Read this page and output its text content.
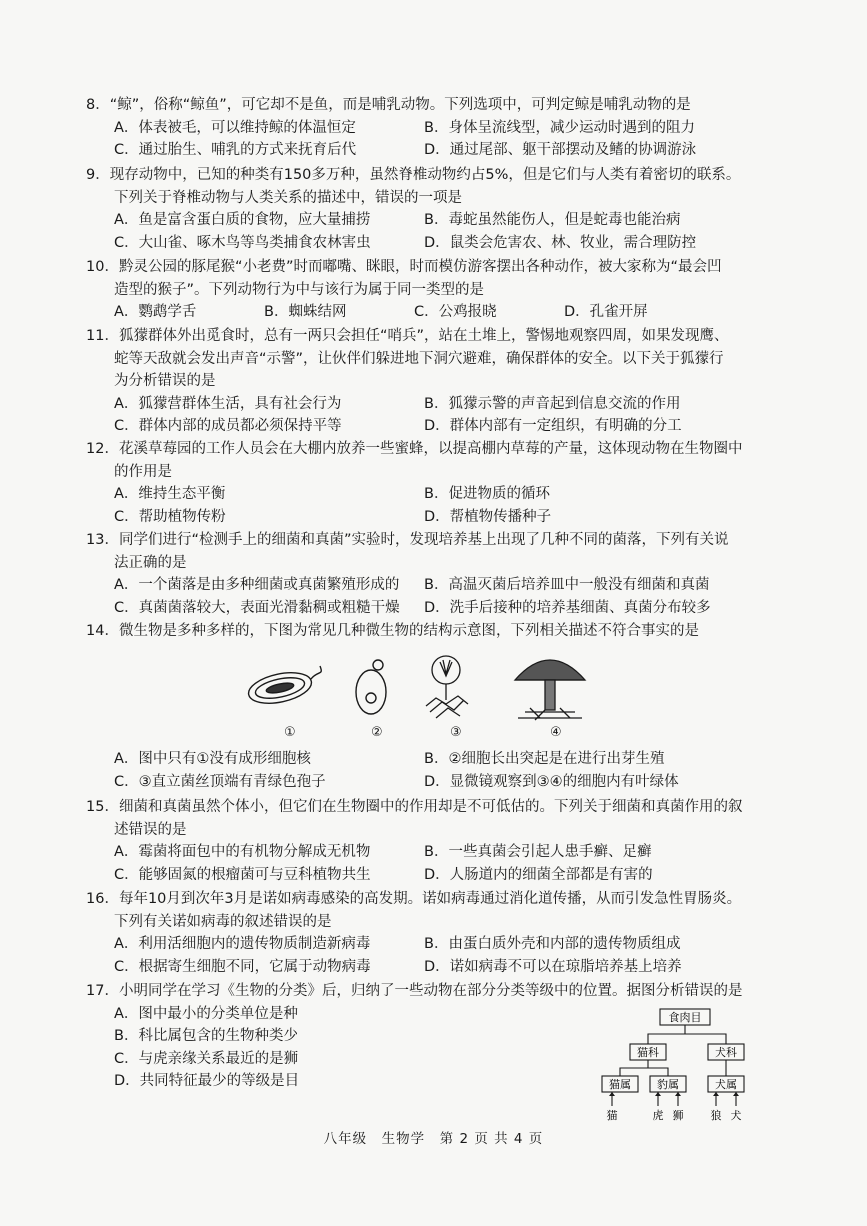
8．“鲸”，俗称“鲸鱼”，可它却不是鱼，而是哺乳动物。下列选项中，可判定鲸是哺乳动物的是
A．体表被毛，可以维持鲸的体温恒定	B．身体呈流线型，减少运动时遇到的阻力
C．通过胎生、哺乳的方式来抚育后代	D．通过尾部、躯干部摆动及鳍的协调游泳
9．现存动物中，已知的种类有150多万种，虽然脊椎动物约占5%，但是它们与人类有着密切的联系。
下列关于脊椎动物与人类关系的描述中，错误的一项是
A．鱼是富含蛋白质的食物，应大量捕捞	B．毒蛇虽然能伤人，但是蛇毒也能治病
C．大山雀、啄木鸟等鸟类捕食农林害虫	D．鼠类会危害农、林、牧业，需合理防控
10．黔灵公园的豚尾猴“小老费”时而嘟嘴、眯眼，时而模仿游客摆出各种动作，被大家称为“最会凹
造型的猴子”。下列动物行为中与该行为属于同一类型的是
A．鹦鹉学舌	B．蜘蛛结网	C．公鸡报晓	D．孔雀开屏
11．狐獴群体外出觅食时，总有一两只会担任“哨兵”，站在土堆上，警惕地观察四周，如果发现鹰、
蛇等天敌就会发出声音“示警”，让伙伴们躲进地下洞穴避难，确保群体的安全。以下关于狐獴行
为分析错误的是
A．狐獴营群体生活，具有社会行为	B．狐獴示警的声音起到信息交流的作用
C．群体内部的成员都必须保持平等	D．群体内部有一定组织，有明确的分工
12．花溪草莓园的工作人员会在大棚内放养一些蜜蜂，以提高棚内草莓的产量，这体现动物在生物圈中
的作用是
A．维持生态平衡	B．促进物质的循环
C．帮助植物传粉	D．帮植物传播种子
13．同学们进行“检测手上的细菌和真菌”实验时，发现培养基上出现了几种不同的菌落，下列有关说
法正确的是
A．一个菌落是由多种细菌或真菌繁殖形成的	B．高温灭菌后培养皿中一般没有细菌和真菌
C．真菌菌落较大，表面光滑黏稠或粗糙干燥	D．洗手后接种的培养基细菌、真菌分布较多
14．微生物是多种多样的，下图为常见几种微生物的结构示意图，下列相关描述不符合事实的是
①	②	③	④
A．图中只有①没有成形细胞核	B．②细胞长出突起是在进行出芽生殖
C．③直立菌丝顶端有青绿色孢子	D．显微镜观察到③④的细胞内有叶绿体
15．细菌和真菌虽然个体小，但它们在生物圈中的作用却是不可低估的。下列关于细菌和真菌作用的叙
述错误的是
A．霉菌将面包中的有机物分解成无机物	B．一些真菌会引起人患手癣、足癣
C．能够固氮的根瘤菌可与豆科植物共生	D．人肠道内的细菌全部都是有害的
16．每年10月到次年3月是诺如病毒感染的高发期。诺如病毒通过消化道传播，从而引发急性胃肠炎。
下列有关诺如病毒的叙述错误的是
A．利用活细胞内的遗传物质制造新病毒	B．由蛋白质外壳和内部的遗传物质组成
C．根据寄生细胞不同，它属于动物病毒	D．诺如病毒不可以在琼脂培养基上培养
17．小明同学在学习《生物的分类》后，归纳了一些动物在部分分类等级中的位置。据图分析错误的是
A．图中最小的分类单位是种
B．科比属包含的生物种类少
C．与虎亲缘关系最近的是狮
D．共同特征最少的等级是目
食肉目
猫科	犬科
猫属 豹属	犬属
猫	虎 狮 狼 犬
八年级　生物学　第 2 页 共 4 页
